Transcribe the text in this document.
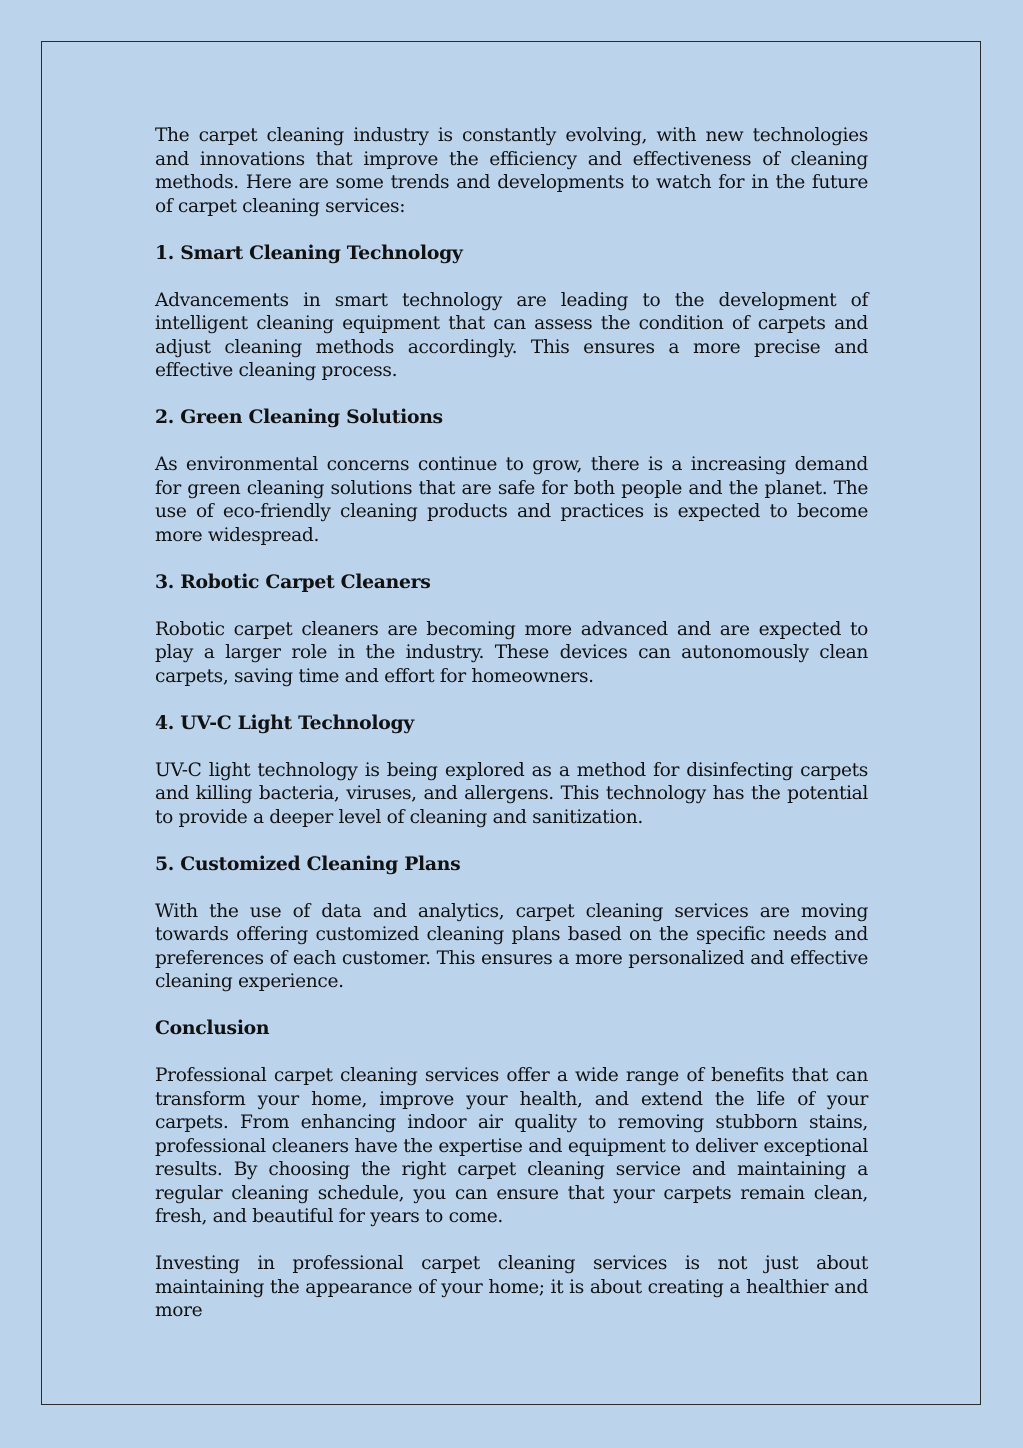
The carpet cleaning industry is constantly evolving, with new technologies and innovations that improve the efficiency and effectiveness of cleaning methods. Here are some trends and developments to watch for in the future of carpet cleaning services:

1. Smart Cleaning Technology

Advancements in smart technology are leading to the development of intelligent cleaning equipment that can assess the condition of carpets and adjust cleaning methods accordingly. This ensures a more precise and effective cleaning process.

2. Green Cleaning Solutions

As environmental concerns continue to grow, there is a increasing demand for green cleaning solutions that are safe for both people and the planet. The use of eco-friendly cleaning products and practices is expected to become more widespread.

3. Robotic Carpet Cleaners

Robotic carpet cleaners are becoming more advanced and are expected to play a larger role in the industry. These devices can autonomously clean carpets, saving time and effort for homeowners.

4. UV-C Light Technology

UV-C light technology is being explored as a method for disinfecting carpets and killing bacteria, viruses, and allergens. This technology has the potential to provide a deeper level of cleaning and sanitization.

5. Customized Cleaning Plans

With the use of data and analytics, carpet cleaning services are moving towards offering customized cleaning plans based on the specific needs and preferences of each customer. This ensures a more personalized and effective cleaning experience.

Conclusion

Professional carpet cleaning services offer a wide range of benefits that can transform your home, improve your health, and extend the life of your carpets. From enhancing indoor air quality to removing stubborn stains, professional cleaners have the expertise and equipment to deliver exceptional results. By choosing the right carpet cleaning service and maintaining a regular cleaning schedule, you can ensure that your carpets remain clean, fresh, and beautiful for years to come.

Investing in professional carpet cleaning services is not just about maintaining the appearance of your home; it is about creating a healthier and more
